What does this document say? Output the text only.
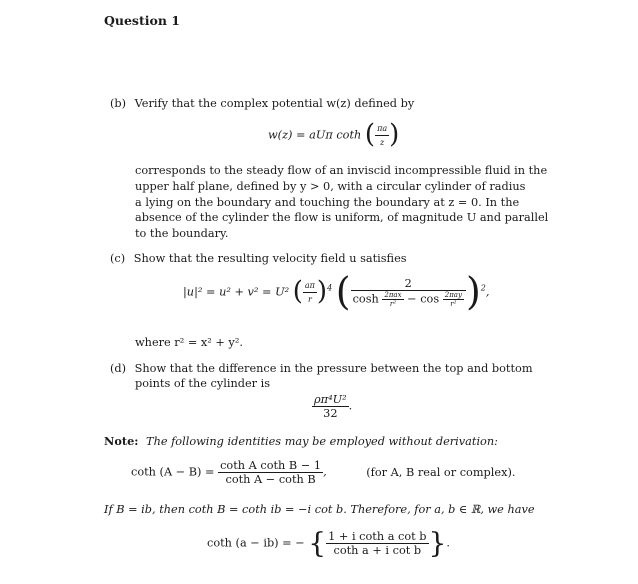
Question 1
(b) Verify that the complex potential w(z) defined by
w(z) = aUπ coth ( $\frac{\pi a}{z}$ )
corresponds to the steady flow of an inviscid incompressible fluid in the
upper half plane, defined by y > 0, with a circular cylinder of radius
a lying on the boundary and touching the boundary at z = 0. In the
absence of the cylinder the flow is uniform, of magnitude U and parallel
to the boundary.
(c) Show that the resulting velocity field u satisfies
|u|² = u² + v² = U² ( $\frac{a\pi}{r} )^4$ ( $\frac{2}{\cosh \frac{\text{2πax}}{\text{r²}} - \cos \frac{\text{2πay}}{\text{r²}}} )^2$,
where r² = x² + y².
(d) Show that the difference in the pressure between the top and bottom
points of the cylinder is
$\frac{\text{ρπ⁴U²}}{32}$ .
Note: The following identities may be employed without derivation:
coth $(A - B) = \frac{\text{coth A coth B − 1}}{\text{coth A − coth B}}$ ,	(for A, B real or complex).
If B = ib, then coth B = coth ib = −i cot b. Therefore, for a, b ∈ ℝ, we have
coth (a − ib) = − { $\frac{\text{1 + i coth a cot b}}{\text{coth a + i cot b}}$ }.
